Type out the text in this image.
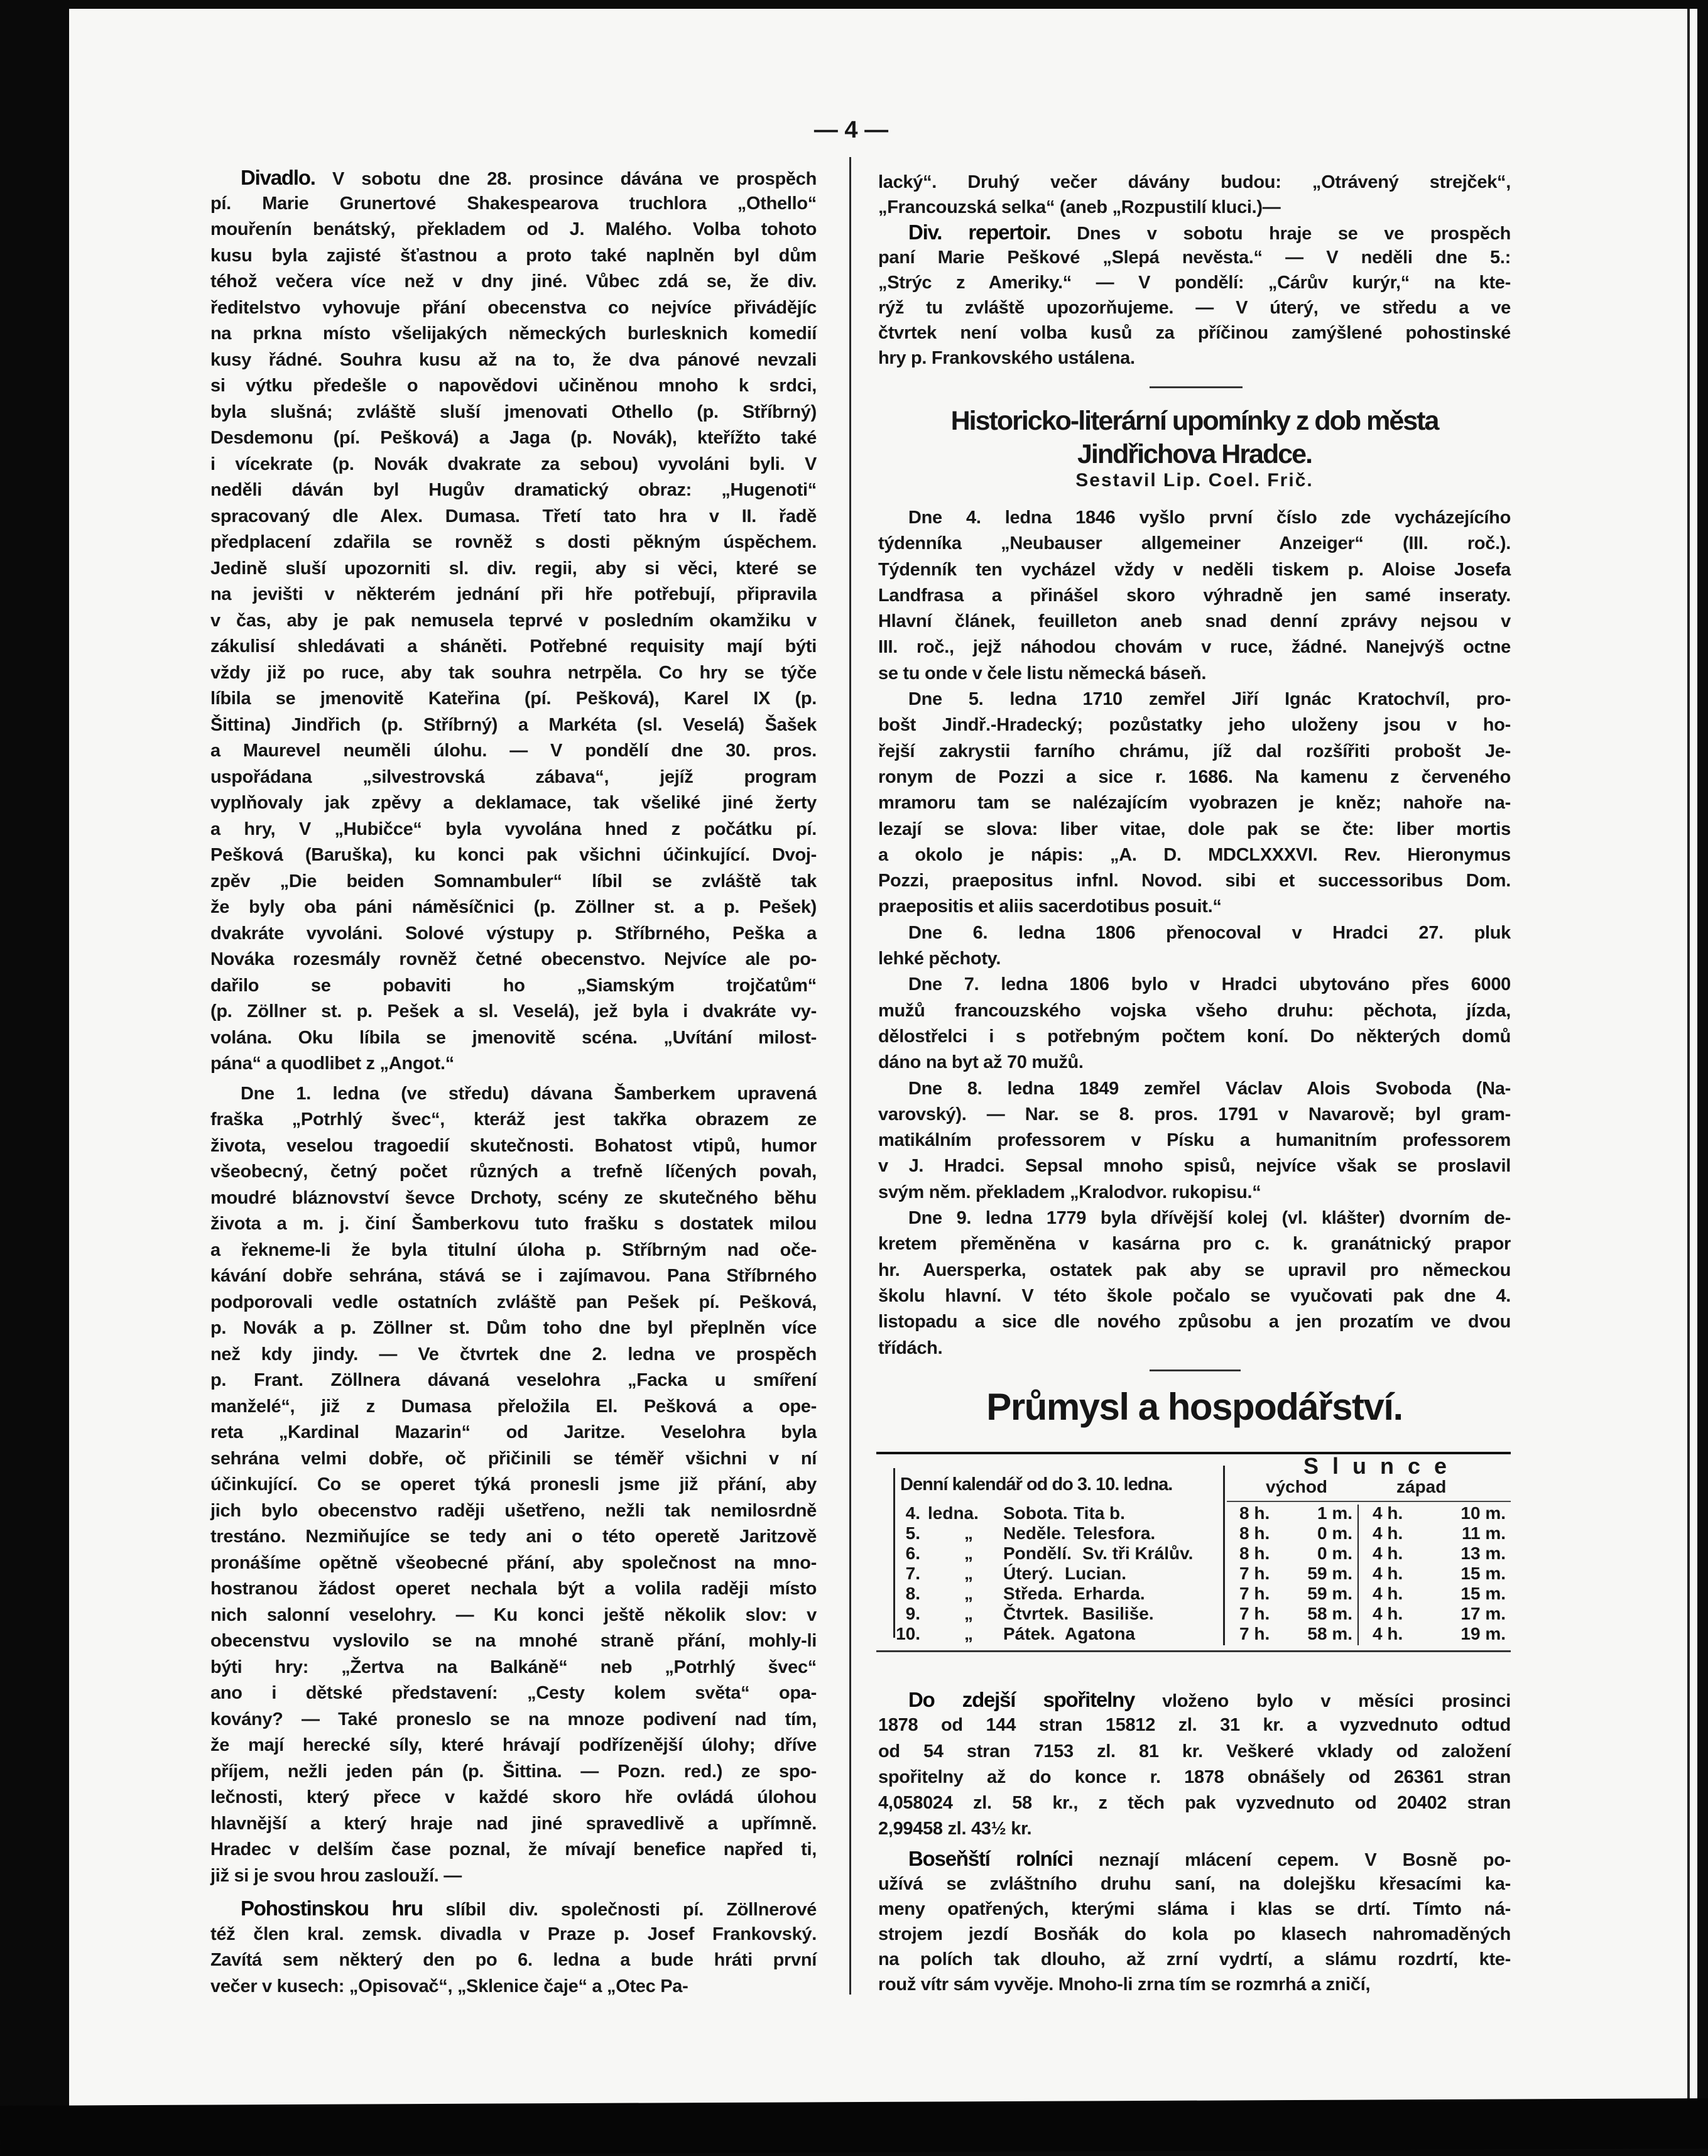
— 4 —
Divadlo. V sobotu dne 28. prosince dávána ve prospěch
pí. Marie Grunertové Shakespearova truchlora „Othello“
mouřenín benátský, překladem od J. Malého. Volba tohoto
kusu byla zajisté šťastnou a proto také naplněn byl dům
téhož večera více než v dny jiné. Vůbec zdá se, že div.
ředitelstvo vyhovuje přání obecenstva co nejvíce přivádějíc
na prkna místo všelijakých německých burlesknich komedií
kusy řádné. Souhra kusu až na to, že dva pánové nevzali
si výtku předešle o napovědovi učiněnou mnoho k srdci,
byla slušná; zvláště sluší jmenovati Othello (p. Stříbrný)
Desdemonu (pí. Pešková) a Jaga (p. Novák), kteřížto také
i vícekrate (p. Novák dvakrate za sebou) vyvoláni byli. V
neděli dáván byl Hugův dramatický obraz: „Hugenoti“
spracovaný dle Alex. Dumasa. Třetí tato hra v II. řadě
předplacení zdařila se rovněž s dosti pěkným úspěchem.
Jedině sluší upozorniti sl. div. regii, aby si věci, které se
na jevišti v některém jednání při hře potřebují, připravila
v čas, aby je pak nemusela teprvé v posledním okamžiku v
zákulisí shledávati a sháněti. Potřebné requisity mají býti
vždy již po ruce, aby tak souhra netrpěla. Co hry se týče
líbila se jmenovitě Kateřina (pí. Pešková), Karel IX (p.
Šittina) Jindřich (p. Stříbrný) a Markéta (sl. Veselá) Šašek
a Maurevel neuměli úlohu. — V pondělí dne 30. pros.
uspořádana „silvestrovská zábava“, jejíž program
vyplňovaly jak zpěvy a deklamace, tak všeliké jiné žerty
a hry, V „Hubičce“ byla vyvolána hned z počátku pí.
Pešková (Baruška), ku konci pak všichni účinkující. Dvoj-
zpěv „Die beiden Somnambuler“ líbil se zvláště tak
že byly oba páni náměsíčnici (p. Zöllner st. a p. Pešek)
dvakráte vyvoláni. Solové výstupy p. Stříbrného, Peška a
Nováka rozesmály rovněž četné obecenstvo. Nejvíce ale po-
dařilo se pobaviti ho „Siamským trojčatům“
(p. Zöllner st. p. Pešek a sl. Veselá), jež byla i dvakráte vy-
volána. Oku líbila se jmenovitě scéna. „Uvítání milost-
pána“ a quodlibet z „Angot.“
Dne 1. ledna (ve středu) dávana Šamberkem upravená
fraška „Potrhlý švec“, kteráž jest takřka obrazem ze
života, veselou tragoedií skutečnosti. Bohatost vtipů, humor
všeobecný, četný počet různých a trefně líčených povah,
moudré bláznovství ševce Drchoty, scény ze skutečného běhu
života a m. j. činí Šamberkovu tuto frašku s dostatek milou
a řekneme-li že byla titulní úloha p. Stříbrným nad oče-
kávání dobře sehrána, stává se i zajímavou. Pana Stříbrného
podporovali vedle ostatních zvláště pan Pešek pí. Pešková,
p. Novák a p. Zöllner st. Dům toho dne byl přeplněn více
než kdy jindy. — Ve čtvrtek dne 2. ledna ve prospěch
p. Frant. Zöllnera dávaná veselohra „Facka u smíření
manželé“, již z Dumasa přeložila El. Pešková a ope-
reta „Kardinal Mazarin“ od Jaritze. Veselohra byla
sehrána velmi dobře, oč přičinili se téměř všichni v ní
účinkující. Co se operet týká pronesli jsme již přání, aby
jich bylo obecenstvo raději ušetřeno, nežli tak nemilosrdně
trestáno. Nezmiňujíce se tedy ani o této operetě Jaritzově
pronášíme opětně všeobecné přání, aby společnost na mno-
hostranou žádost operet nechala být a volila raději místo
nich salonní veselohry. — Ku konci ještě několik slov: v
obecenstvu vyslovilo se na mnohé straně přání, mohly-li
býti hry: „Žertva na Balkáně“ neb „Potrhlý švec“
ano i dětské představení: „Cesty kolem světa“ opa-
kovány? — Také proneslo se na mnoze podivení nad tím,
že mají herecké síly, které hrávají podřízenější úlohy; dříve
příjem, nežli jeden pán (p. Šittina. — Pozn. red.) ze spo-
lečnosti, který přece v každé skoro hře ovládá úlohou
hlavnější a který hraje nad jiné spravedlivě a upřímně.
Hradec v delším čase poznal, že mívají benefice napřed ti,
již si je svou hrou zaslouží. —
Pohostinskou hru slíbil div. společnosti pí. Zöllnerové
též člen kral. zemsk. divadla v Praze p. Josef Frankovský.
Zavítá sem některý den po 6. ledna a bude hráti první
večer v kusech: „Opisovač“, „Sklenice čaje“ a „Otec Pa-
lacký“. Druhý večer dávány budou: „Otrávený strejček“,
„Francouzská selka“ (aneb „Rozpustilí kluci.)—
Div. repertoir. Dnes v sobotu hraje se ve prospěch
paní Marie Peškové „Slepá nevěsta.“ — V neděli dne 5.:
„Strýc z Ameriky.“ — V pondělí: „Cárův kurýr,“ na kte-
rýž tu zvláště upozorňujeme. — V úterý, ve středu a ve
čtvrtek není volba kusů za příčinou zamýšlené pohostinské
hry p. Frankovského ustálena.
Historicko-literární upomínky z dob města
Jindřichova Hradce.
Sestavil Lip. Coel. Frič.
Dne 4. ledna 1846 vyšlo první číslo zde vycházejícího
týdenníka „Neubauser allgemeiner Anzeiger“ (III. roč.).
Týdenník ten vycházel vždy v neděli tiskem p. Aloise Josefa
Landfrasa a přinášel skoro výhradně jen samé inseraty.
Hlavní článek, feuilleton aneb snad denní zprávy nejsou v
III. roč., jejž náhodou chovám v ruce, žádné. Nanejvýš octne
se tu onde v čele listu německá báseň.
Dne 5. ledna 1710 zemřel Jiří Ignác Kratochvíl, pro-
bošt Jindř.-Hradecký; pozůstatky jeho uloženy jsou v ho-
řejší zakrystii farního chrámu, jíž dal rozšířiti probošt Je-
ronym de Pozzi a sice r. 1686. Na kamenu z červeného
mramoru tam se nalézajícím vyobrazen je kněz; nahoře na-
lezají se slova: liber vitae, dole pak se čte: liber mortis
a okolo je nápis: „A. D. MDCLXXXVI. Rev. Hieronymus
Pozzi, praepositus infnl. Novod. sibi et successoribus Dom.
praepositis et aliis sacerdotibus posuit.“
Dne 6. ledna 1806 přenocoval v Hradci 27. pluk
lehké pěchoty.
Dne 7. ledna 1806 bylo v Hradci ubytováno přes 6000
mužů francouzského vojska všeho druhu: pěchota, jízda,
dělostřelci i s potřebným počtem koní. Do některých domů
dáno na byt až 70 mužů.
Dne 8. ledna 1849 zemřel Václav Alois Svoboda (Na-
varovský). — Nar. se 8. pros. 1791 v Navarově; byl gram-
matikálním professorem v Písku a humanitním professorem
v J. Hradci. Sepsal mnoho spisů, nejvíce však se proslavil
svým něm. překladem „Kralodvor. rukopisu.“
Dne 9. ledna 1779 byla dřívější kolej (vl. klášter) dvorním de-
kretem přeměněna v kasárna pro c. k. granátnický prapor
hr. Auersperka, ostatek pak aby se upravil pro německou
školu hlavní. V této škole počalo se vyučovati pak dne 4.
listopadu a sice dle nového způsobu a jen prozatím ve dvou
třídách.
Průmysl a hospodářství.
Denní kalendář od do 3. 10. ledna.
Slunce
východ	západ
4. ledna. Sobota. Tita b.	8 h.	1 m. 4 h.	10 m.
5.	„ Neděle. Telesfora.	8 h.	0 m. 4 h.	11 m.
6.	„ Pondělí. Sv. tři Králův.	8 h.	0 m. 4 h.	13 m.
7.	„ Úterý. Lucian.	7 h. 59 m. 4 h.	15 m.
8.	„ Středa. Erharda.	7 h. 59 m. 4 h.	15 m.
9.	„ Čtvrtek. Basiliše.	7 h. 58 m. 4 h.	17 m.
10.	„ Pátek. Agatona	7 h. 58 m. 4 h.	19 m.
Do zdejší spořitelny vloženo bylo v měsíci prosinci
1878 od 144 stran 15812 zl. 31 kr. a vyzvednuto odtud
od 54 stran 7153 zl. 81 kr. Veškeré vklady od založení
spořitelny až do konce r. 1878 obnášely od 26361 stran
4,058024 zl. 58 kr., z těch pak vyzvednuto od 20402 stran
2,99458 zl. 43½ kr.
Boseňští rolníci neznají mlácení cepem. V Bosně po-
užívá se zvláštního druhu saní, na dolejšku křesacími ka-
meny opatřených, kterými sláma i klas se drtí. Tímto ná-
strojem jezdí Bosňák do kola po klasech nahromaděných
na polích tak dlouho, až zrní vydrtí, a slámu rozdrtí, kte-
rouž vítr sám vyvěje. Mnoho-li zrna tím se rozmrhá a zničí,
